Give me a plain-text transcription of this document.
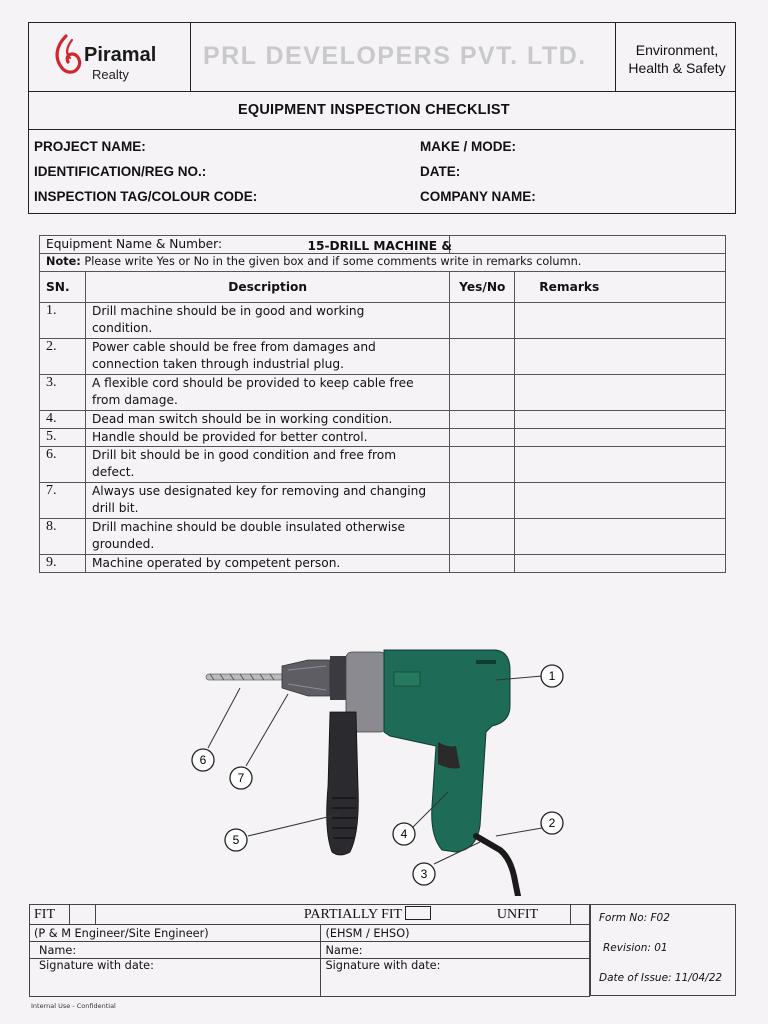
Piramal
Realty
PRL DEVELOPERS PVT. LTD.	Environment,
Health & Safety
EQUIPMENT INSPECTION CHECKLIST
PROJECT NAME:	MAKE / MODE:
IDENTIFICATION/REG NO.:	DATE:
INSPECTION TAG/COLOUR CODE:	COMPANY NAME:
Equipment Name & Number: 15-DRILL MACHINE &			

Note: Please write Yes or No in the given box and if some comments write in remarks column.			
SN.	Description	Yes/No	Remarks
1.	Drill machine should be in good and working
condition.		

2.	Power cable should be free from damages and
connection taken through industrial plug.		

3.	A flexible cord should be provided to keep cable free
from damage.		

4.	Dead man switch should be in working condition.		

5.	Handle should be provided for better control.		

6.	Drill bit should be in good condition and free from
defect.		

7.	Always use designated key for removing and changing
drill bit.		

8.	Drill machine should be double insulated otherwise
grounded.		

9.	Machine operated by competent person.		

1
2
3
4
5
6
7
FIT		PARTIALLY FIT UNFIT		
(P & M Engineer/Site Engineer)			(EHSM / EHSO)	
Name:			Name:	
Signature with date:			Signature with date:	
Form No: F02
Revision: 01
Date of Issue: 11/04/22
Internal Use - Confidential
